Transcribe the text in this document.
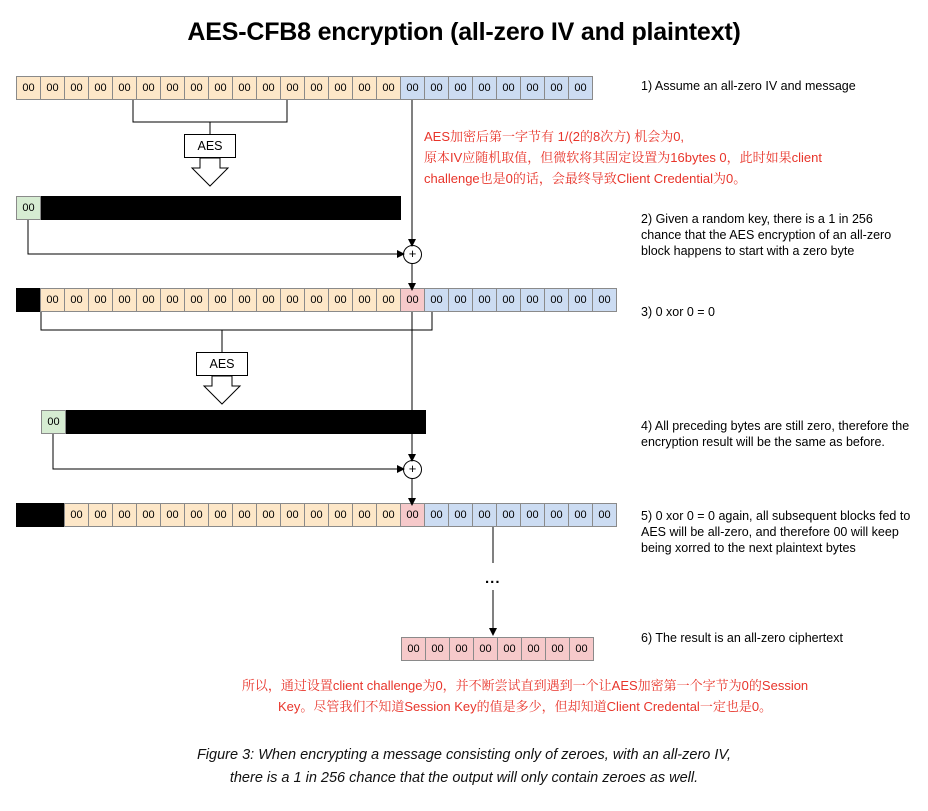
AES-CFB8 encryption (all-zero IV and plaintext)
00	00	00	00	00	00	00	00	00	00	00	00	00	00	00	00	00	00	00	00	00	00	00	00
AES
00
+
00	00	00	00	00	00	00	00	00	00	00	00	00	00	00	00	00	00	00	00	00	00	00	00
AES
00
+
00	00	00	00	00	00	00	00	00	00	00	00	00	00	00	00	00	00	00	00	00	00	00
...
00	00	00	00	00	00	00	00
1) Assume an all-zero IV and message
2) Given a random key, there is a 1 in 256 chance that the AES encryption of an all-zero block happens to start with a zero byte
3) 0 xor 0 = 0
4) All preceding bytes are still zero, therefore the encryption result will be the same as before.
5) 0 xor 0 = 0 again, all subsequent blocks fed to AES will be all-zero, and therefore 00 will keep being xorred to the next plaintext bytes
6) The result is an all-zero ciphertext
AES加密后第一字节有 1/(2的8次方) 机会为0,
原本IV应随机取值，但微软将其固定设置为16bytes 0，此时如果client
challenge也是0的话，会最终导致Client Credential为0。
所以，通过设置client challenge为0，并不断尝试直到遇到一个让AES加密第一个字节为0的Session
Key。尽管我们不知道Session Key的值是多少，但却知道Client Credental一定也是0。
Figure 3: When encrypting a message consisting only of zeroes, with an all-zero IV,
there is a 1 in 256 chance that the output will only contain zeroes as well.
